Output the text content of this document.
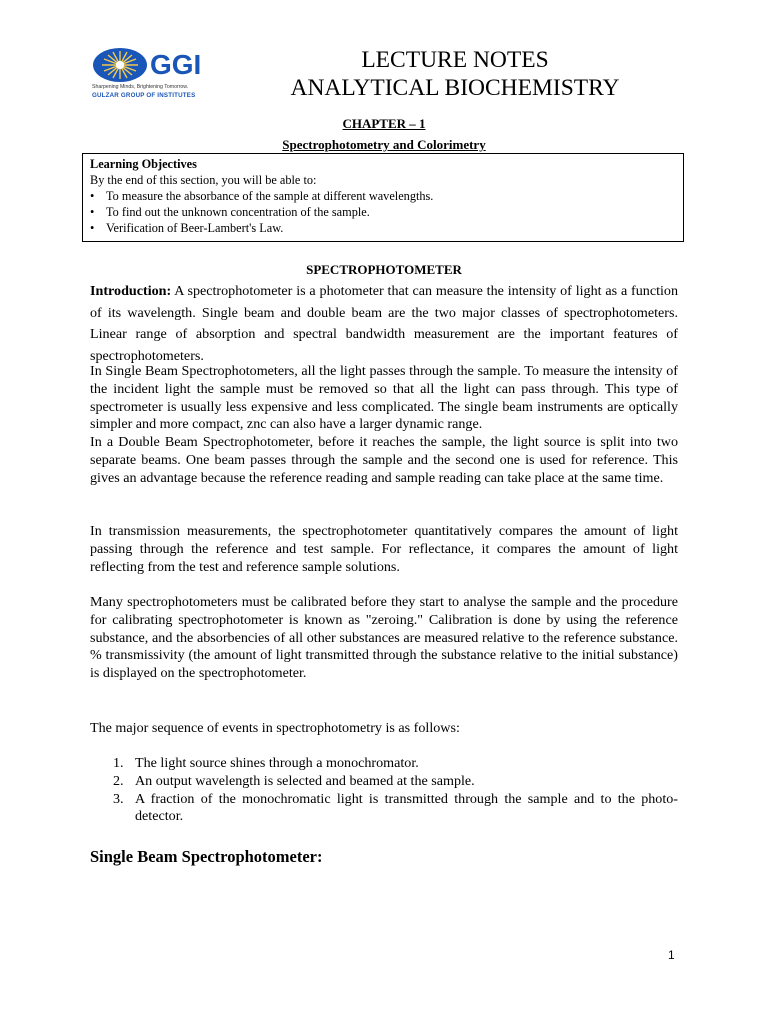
GGI
Sharpening Minds, Brightening Tomorrow.
GULZAR GROUP OF INSTITUTES
LECTURE NOTES
ANALYTICAL BIOCHEMISTRY
CHAPTER – 1
Spectrophotometry and Colorimetry
Learning Objectives
By the end of this section, you will be able to:
• To measure the absorbance of the sample at different wavelengths.
• To find out the unknown concentration of the sample.
• Verification of Beer-Lambert's Law.
SPECTROPHOTOMETER
Introduction: A spectrophotometer is a photometer that can measure the intensity of light as a function of its wavelength. Single beam and double beam are the two major classes of spectrophotometers. Linear range of absorption and spectral bandwidth measurement are the important features of spectrophotometers.
In Single Beam Spectrophotometers, all the light passes through the sample. To measure the intensity of the incident light the sample must be removed so that all the light can pass through. This type of spectrometer is usually less expensive and less complicated. The single beam instruments are optically simpler and more compact, znc can also have a larger dynamic range.
In a Double Beam Spectrophotometer, before it reaches the sample, the light source is split into two separate beams. One beam passes through the sample and the second one is used for reference. This gives an advantage because the reference reading and sample reading can take place at the same time.
In transmission measurements, the spectrophotometer quantitatively compares the amount of light passing through the reference and test sample. For reflectance, it compares the amount of light reflecting from the test and reference sample solutions.
Many spectrophotometers must be calibrated before they start to analyse the sample and the procedure for calibrating spectrophotometer is known as "zeroing." Calibration is done by using the reference substance, and the absorbencies of all other substances are measured relative to the reference substance. % transmissivity (the amount of light transmitted through the substance relative to the initial substance) is displayed on the spectrophotometer.
The major sequence of events in spectrophotometry is as follows:
1. The light source shines through a monochromator.
2. An output wavelength is selected and beamed at the sample.
3. A fraction of the monochromatic light is transmitted through the sample and to the photo-detector.
Single Beam Spectrophotometer:
1
